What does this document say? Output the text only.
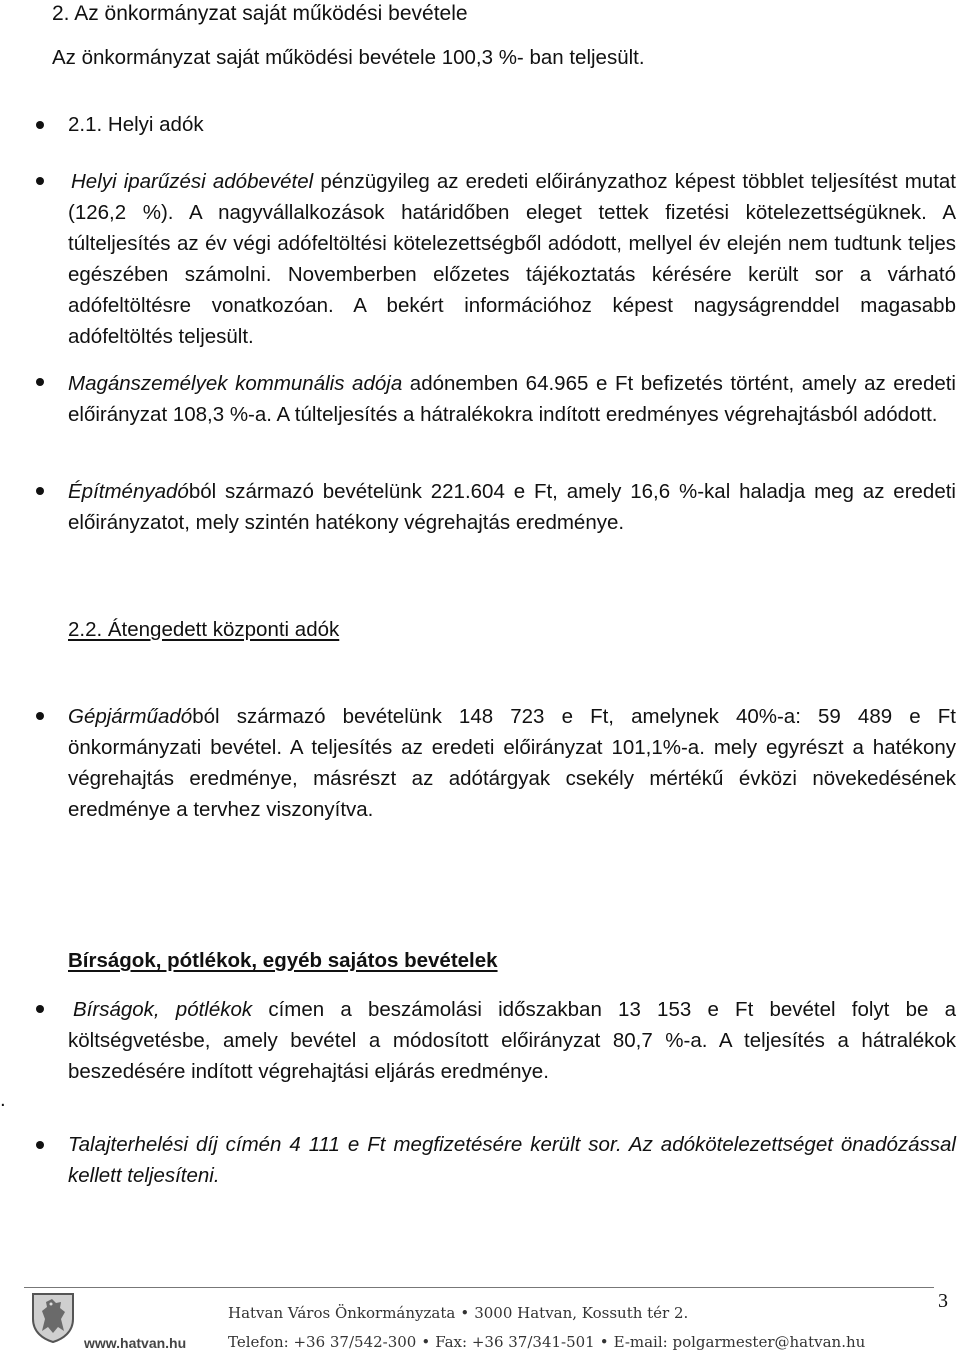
2. Az önkormányzat saját működési bevétele
Az önkormányzat saját működési bevétele 100,3 %- ban teljesült.
2.1. Helyi adók
Helyi iparűzési adóbevétel pénzügyileg az eredeti előirányzathoz képest többlet teljesítést mutat (126,2 %). A nagyvállalkozások határidőben eleget tettek fizetési kötelezettségüknek. A túlteljesítés az év végi adófeltöltési kötelezettségből adódott, mellyel év elején nem tudtunk teljes egészében számolni. Novemberben előzetes tájékoztatás kérésére került sor a várható adófeltöltésre vonatkozóan. A bekért információhoz képest nagyságrenddel magasabb adófeltöltés teljesült.
Magánszemélyek kommunális adója adónemben 64.965 e Ft befizetés történt, amely az eredeti előirányzat 108,3 %-a. A túlteljesítés a hátralékokra indított eredményes végrehajtásból adódott.
Építményadóból származó bevételünk 221.604 e Ft, amely 16,6 %-kal haladja meg az eredeti előirányzatot, mely szintén hatékony végrehajtás eredménye.
2.2. Átengedett központi adók
Gépjárműadóból származó bevételünk 148 723 e Ft, amelynek 40%-a: 59 489 e Ft önkormányzati bevétel. A teljesítés az eredeti előirányzat 101,1%-a. mely egyrészt a hatékony végrehajtás eredménye, másrészt az adótárgyak csekély mértékű évközi növekedésének eredménye a tervhez viszonyítva.
Bírságok, pótlékok, egyéb sajátos bevételek
Bírságok, pótlékok címen a beszámolási időszakban 13 153 e Ft bevétel folyt be a költségvetésbe, amely bevétel a módosított előirányzat 80,7 %-a. A teljesítés a hátralékok beszedésére indított végrehajtási eljárás eredménye.
.
Talajterhelési díj címén 4 111 e Ft megfizetésére került sor. Az adókötelezettséget önadózással kellett teljesíteni.
3
Hatvan Város Önkormányzata • 3000 Hatvan, Kossuth tér 2.
Telefon: +36 37/542-300 • Fax: +36 37/341-501 • E-mail: polgarmester@hatvan.hu
www.hatvan.hu
